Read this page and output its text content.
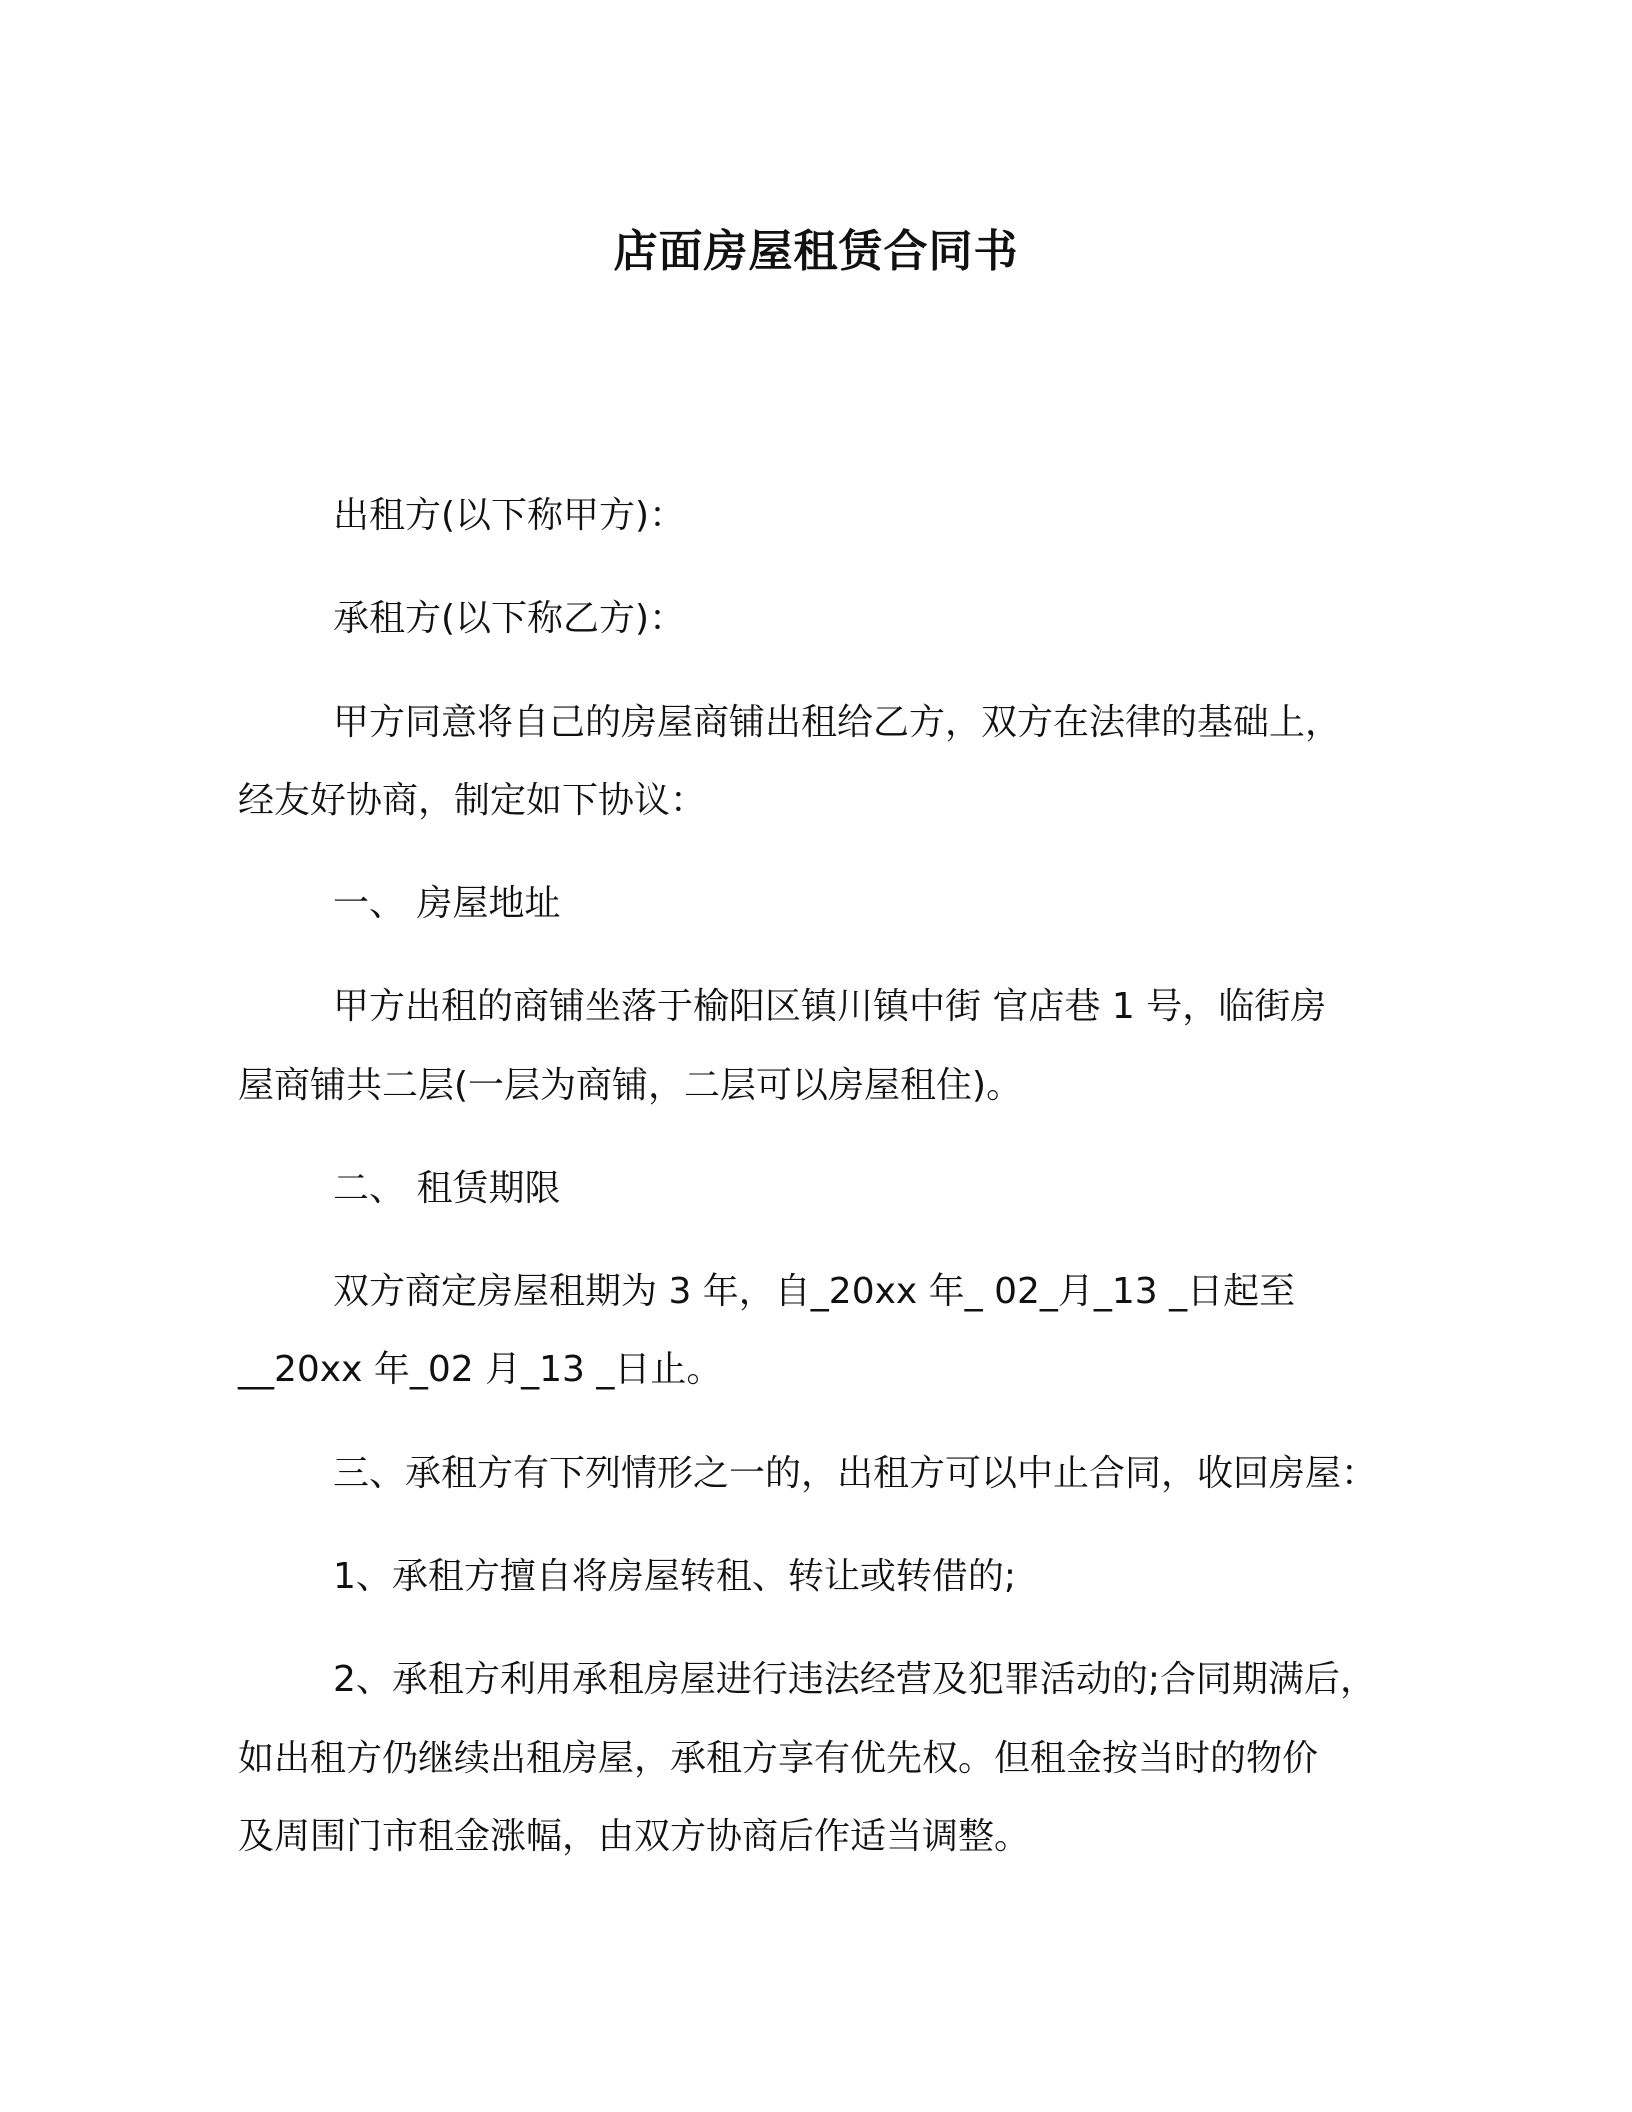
店面房屋租赁合同书
出租方(以下称甲方)：
承租方(以下称乙方)：
甲方同意将自己的房屋商铺出租给乙方，双方在法律的基础上，
经友好协商，制定如下协议：
一、 房屋地址
甲方出租的商铺坐落于榆阳区镇川镇中街 官店巷 1 号，临街房
屋商铺共二层(一层为商铺，二层可以房屋租住)。
二、 租赁期限
双方商定房屋租期为 3 年，自_20xx 年_ 02_月_13 _日起至
__20xx 年_02 月_13 _日止。
三、承租方有下列情形之一的，出租方可以中止合同，收回房屋：
1、承租方擅自将房屋转租、转让或转借的;
2、承租方利用承租房屋进行违法经营及犯罪活动的;合同期满后，
如出租方仍继续出租房屋，承租方享有优先权。但租金按当时的物价
及周围门市租金涨幅，由双方协商后作适当调整。
